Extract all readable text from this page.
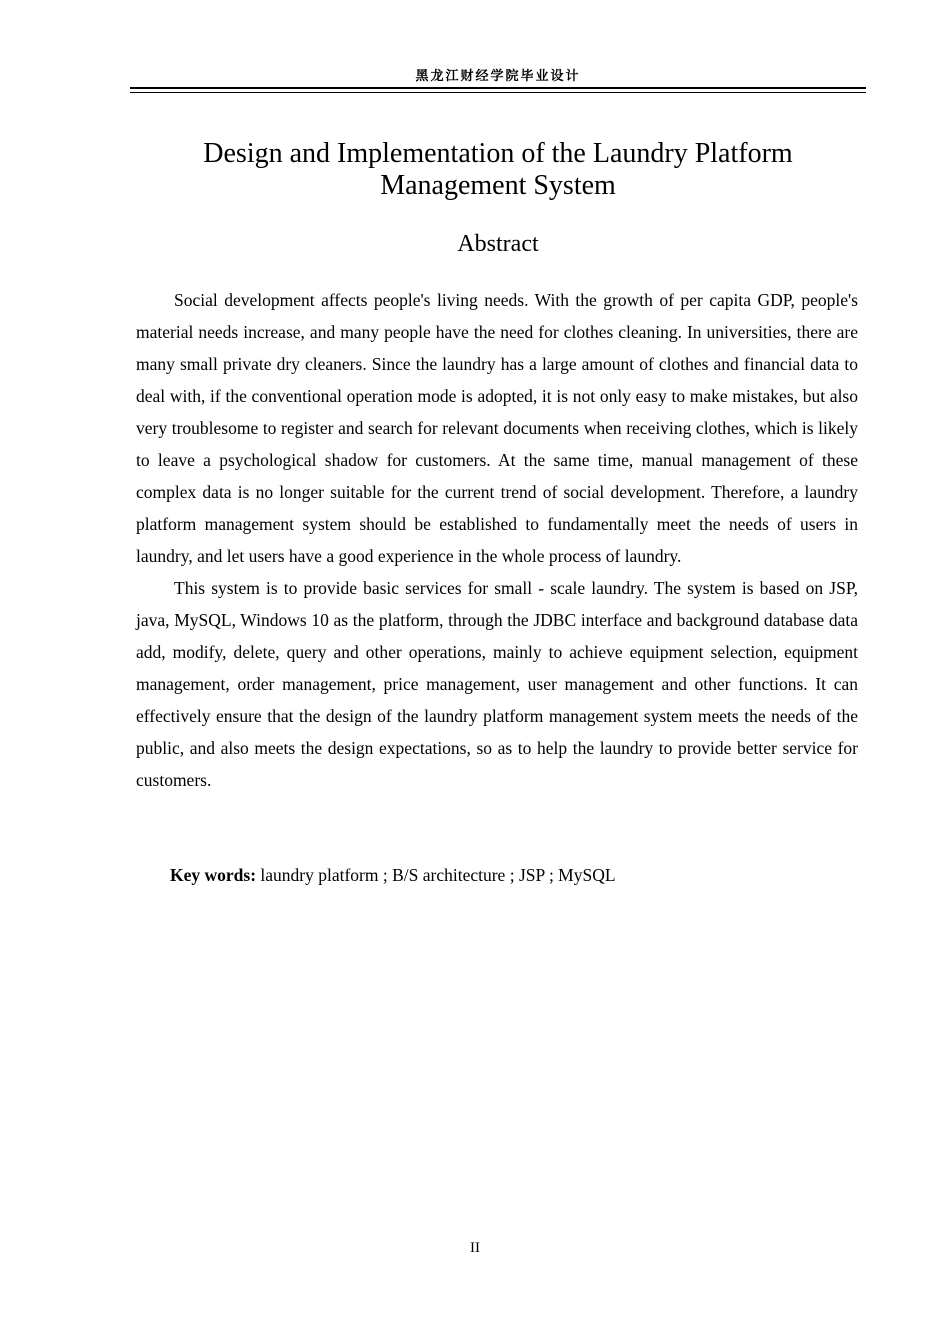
黑龙江财经学院毕业设计
Design and Implementation of the Laundry Platform
Management System
Abstract

Social development affects people's living needs. With the growth of per capita GDP, people's material needs increase, and many people have the need for clothes cleaning. In universities, there are many small private dry cleaners. Since the laundry has a large amount of clothes and financial data to deal with, if the conventional operation mode is adopted, it is not only easy to make mistakes, but also very troublesome to register and search for relevant documents when receiving clothes, which is likely to leave a psychological shadow for customers. At the same time, manual management of these complex data is no longer suitable for the current trend of social development. Therefore, a laundry platform management system should be established to fundamentally meet the needs of users in laundry, and let users have a good experience in the whole process of laundry.

This system is to provide basic services for small - scale laundry. The system is based on JSP, java, MySQL, Windows 10 as the platform, through the JDBC interface and background database data add, modify, delete, query and other operations, mainly to achieve equipment selection, equipment management, order management, price management, user management and other functions. It can effectively ensure that the design of the laundry platform management system meets the needs of the public, and also meets the design expectations, so as to help the laundry to provide better service for customers.

Key words: laundry platform ; B/S architecture ; JSP ; MySQL
II
